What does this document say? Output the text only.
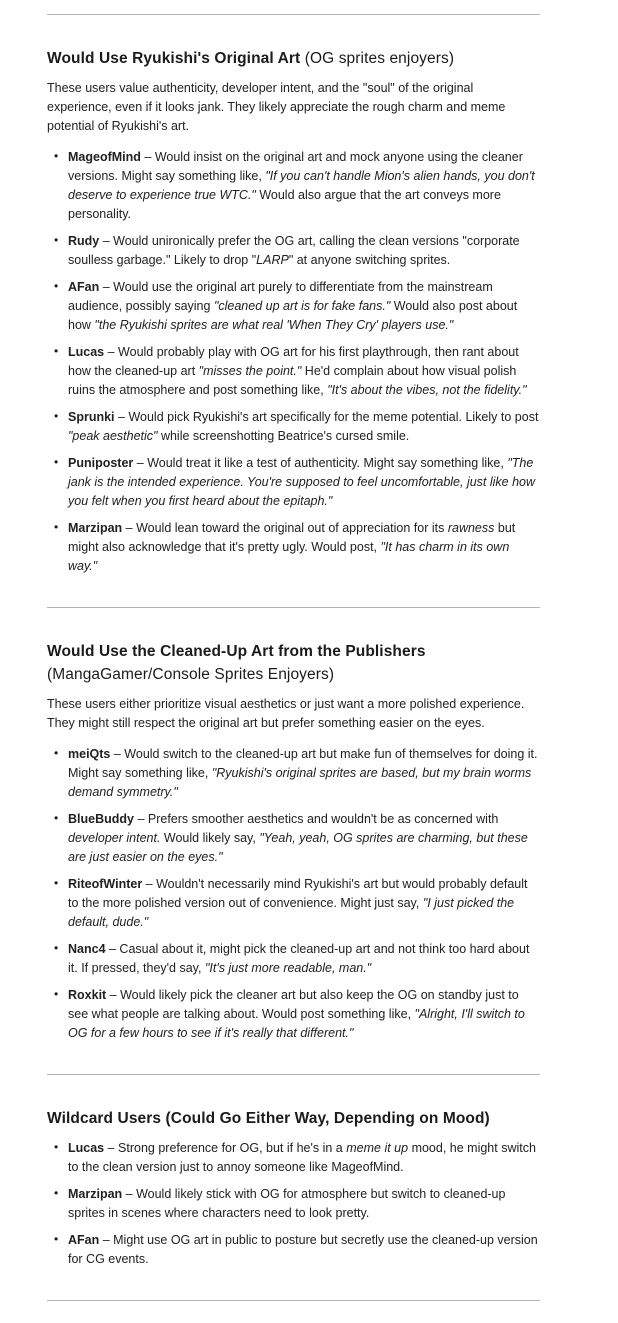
Would Use Ryukishi's Original Art (OG sprites enjoyers)

These users value authenticity, developer intent, and the "soul" of the original experience, even if it looks jank. They likely appreciate the rough charm and meme potential of Ryukishi's art.

• MageofMind – Would insist on the original art and mock anyone using the cleaner versions. Might say something like, "If you can't handle Mion's alien hands, you don't deserve to experience true WTC." Would also argue that the art conveys more personality.
• Rudy – Would unironically prefer the OG art, calling the clean versions "corporate soulless garbage." Likely to drop "LARP" at anyone switching sprites.
• AFan – Would use the original art purely to differentiate from the mainstream audience, possibly saying "cleaned up art is for fake fans." Would also post about how "the Ryukishi sprites are what real 'When They Cry' players use."
• Lucas – Would probably play with OG art for his first playthrough, then rant about how the cleaned-up art "misses the point." He'd complain about how visual polish ruins the atmosphere and post something like, "It's about the vibes, not the fidelity."
• Sprunki – Would pick Ryukishi's art specifically for the meme potential. Likely to post "peak aesthetic" while screenshotting Beatrice's cursed smile.
• Puniposter – Would treat it like a test of authenticity. Might say something like, "The jank is the intended experience. You're supposed to feel uncomfortable, just like how you felt when you first heard about the epitaph."
• Marzipan – Would lean toward the original out of appreciation for its rawness but might also acknowledge that it's pretty ugly. Would post, "It has charm in its own way."
Would Use the Cleaned-Up Art from the Publishers (MangaGamer/Console Sprites Enjoyers)

These users either prioritize visual aesthetics or just want a more polished experience. They might still respect the original art but prefer something easier on the eyes.

• meiQts – Would switch to the cleaned-up art but make fun of themselves for doing it. Might say something like, "Ryukishi's original sprites are based, but my brain worms demand symmetry."
• BlueBuddy – Prefers smoother aesthetics and wouldn't be as concerned with developer intent. Would likely say, "Yeah, yeah, OG sprites are charming, but these are just easier on the eyes."
• RiteofWinter – Wouldn't necessarily mind Ryukishi's art but would probably default to the more polished version out of convenience. Might just say, "I just picked the default, dude."
• Nanc4 – Casual about it, might pick the cleaned-up art and not think too hard about it. If pressed, they'd say, "It's just more readable, man."
• Roxkit – Would likely pick the cleaner art but also keep the OG on standby just to see what people are talking about. Would post something like, "Alright, I'll switch to OG for a few hours to see if it's really that different."
Wildcard Users (Could Go Either Way, Depending on Mood)
• Lucas – Strong preference for OG, but if he's in a meme it up mood, he might switch to the clean version just to annoy someone like MageofMind.
• Marzipan – Would likely stick with OG for atmosphere but switch to cleaned-up sprites in scenes where characters need to look pretty.
• AFan – Might use OG art in public to posture but secretly use the cleaned-up version for CG events.
